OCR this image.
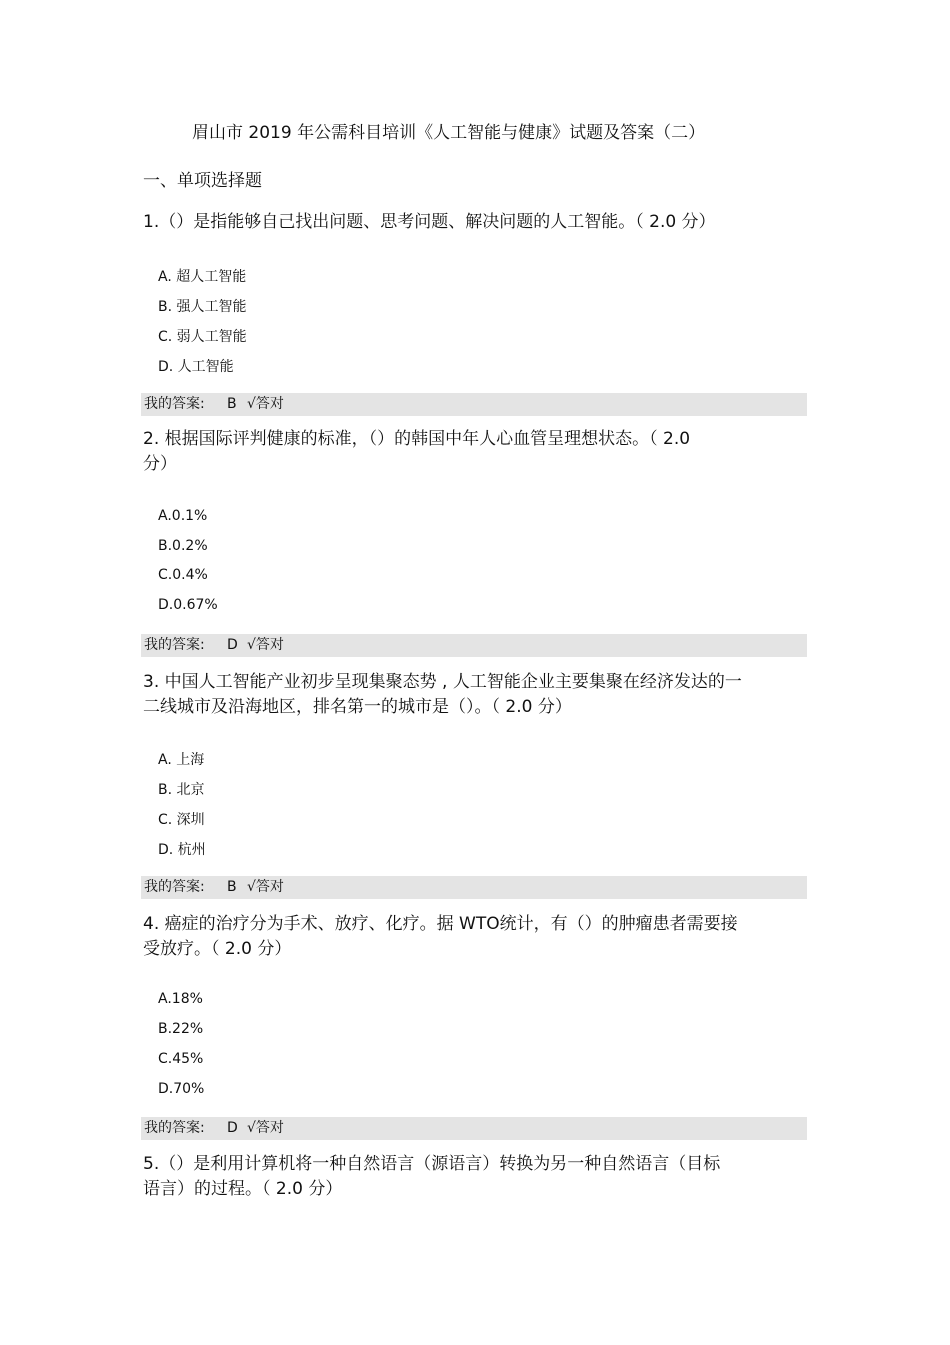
眉山市 2019 年公需科目培训《人工智能与健康》试题及答案（二）
一、单项选择题
1.（）是指能够自己找出问题、思考问题、解决问题的人工智能。（ 2.0 分）
A. 超人工智能
B. 强人工智能
C. 弱人工智能
D. 人工智能
我的答案: B √答对
2. 根据国际评判健康的标准，（）的韩国中年人心血管呈理想状态。（ 2.0
分）
A.0.1%
B.0.2%
C.0.4%
D.0.67%
我的答案: D √答对
3. 中国人工智能产业初步呈现集聚态势 , 人工智能企业主要集聚在经济发达的一
二线城市及沿海地区，排名第一的城市是（）。（ 2.0 分）
A. 上海
B. 北京
C. 深圳
D. 杭州
我的答案: B √答对
4. 癌症的治疗分为手术、放疗、化疗。据 WTO统计，有（）的肿瘤患者需要接
受放疗。（ 2.0 分）
A.18%
B.22%
C.45%
D.70%
我的答案: D √答对
5.（）是利用计算机将一种自然语言（源语言）转换为另一种自然语言（目标
语言）的过程。（ 2.0 分）
